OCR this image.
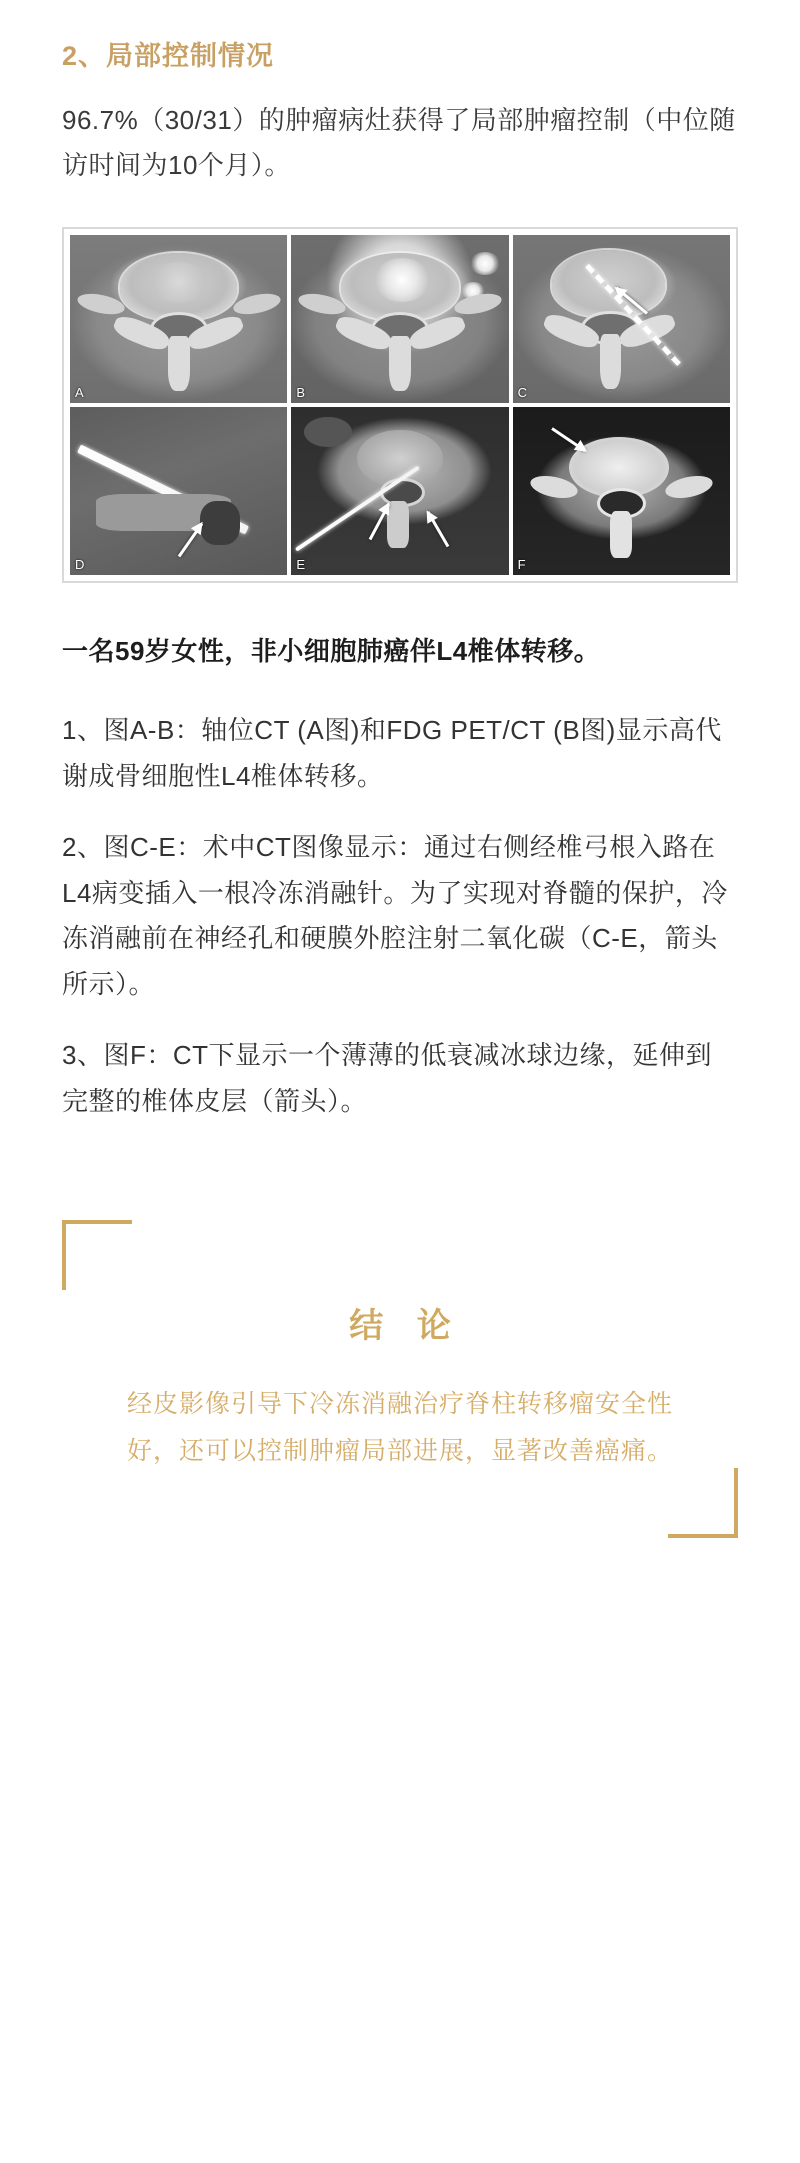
2、局部控制情况

96.7%（30/31）的肿瘤病灶获得了局部肿瘤控制（中位随访时间为10个月）。

A	B	C
D	E	F

一名59岁女性，非小细胞肺癌伴L4椎体转移。

1、图A-B：轴位CT (A图)和FDG PET/CT (B图)显示高代谢成骨细胞性L4椎体转移。

2、图C-E：术中CT图像显示：通过右侧经椎弓根入路在L4病变插入一根冷冻消融针。为了实现对脊髓的保护，冷冻消融前在神经孔和硬膜外腔注射二氧化碳（C-E，箭头所示）。

3、图F：CT下显示一个薄薄的低衰减冰球边缘，延伸到完整的椎体皮层（箭头）。

结 论

经皮影像引导下冷冻消融治疗脊柱转移瘤安全性好，还可以控制肿瘤局部进展，显著改善癌痛。
